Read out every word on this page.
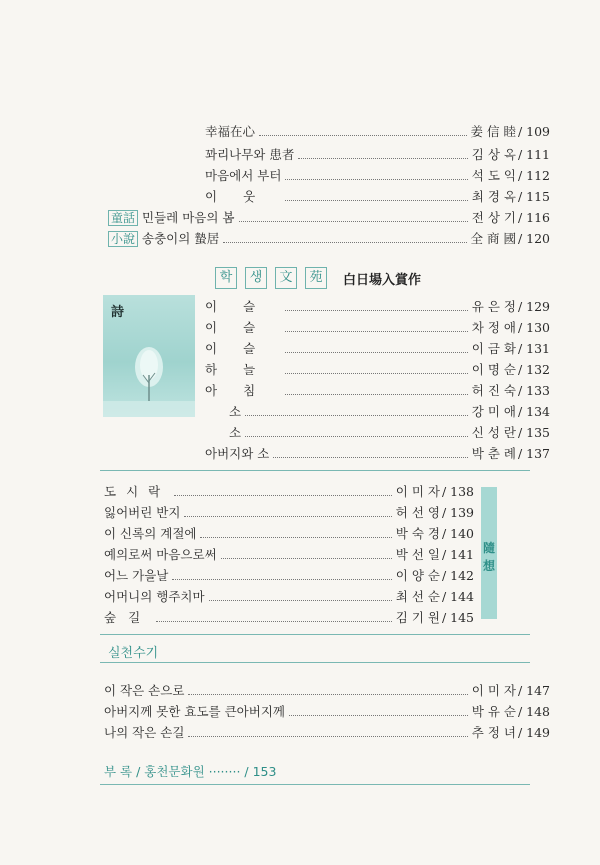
幸福在心	姜 信 睦 / 109
꽈리나무와 患者	김 상 옥 / 111
마음에서 부터	석 도 익 / 112
이웃	최 경 옥 / 115
童話 민들레 마음의 봄	전 상 기 / 116
小說 송충이의 蟄居	全 商 國 / 120
학	생	文	苑	白日場入賞作
詩	이슬	유 은 정 / 129
이슬	차 정 애 / 130
이슬	이 금 화 / 131
하늘	이 명 순 / 132
아침	허 진 숙 / 133
소	강 미 애 / 134
소	신 성 란 / 135
아버지와 소	박 춘 례 / 137
도시락	이 미 자 / 138
잃어버린 반지	허 선 영 / 139
이 신록의 계절에	박 숙 경 / 140
예의로써 마음으로써	박 선 일 / 141
어느 가을날	이 양 순 / 142
어머니의 행주치마	최 선 순 / 144
숲길	김 기 원 / 145
隨
想
실천수기
이 작은 손으로	이 미 자 / 147
아버지께 못한 효도를 큰아버지께	박 유 순 / 148
나의 작은 손길	추 정 녀 / 149
부 록 / 홍천문화원 ········ / 153
